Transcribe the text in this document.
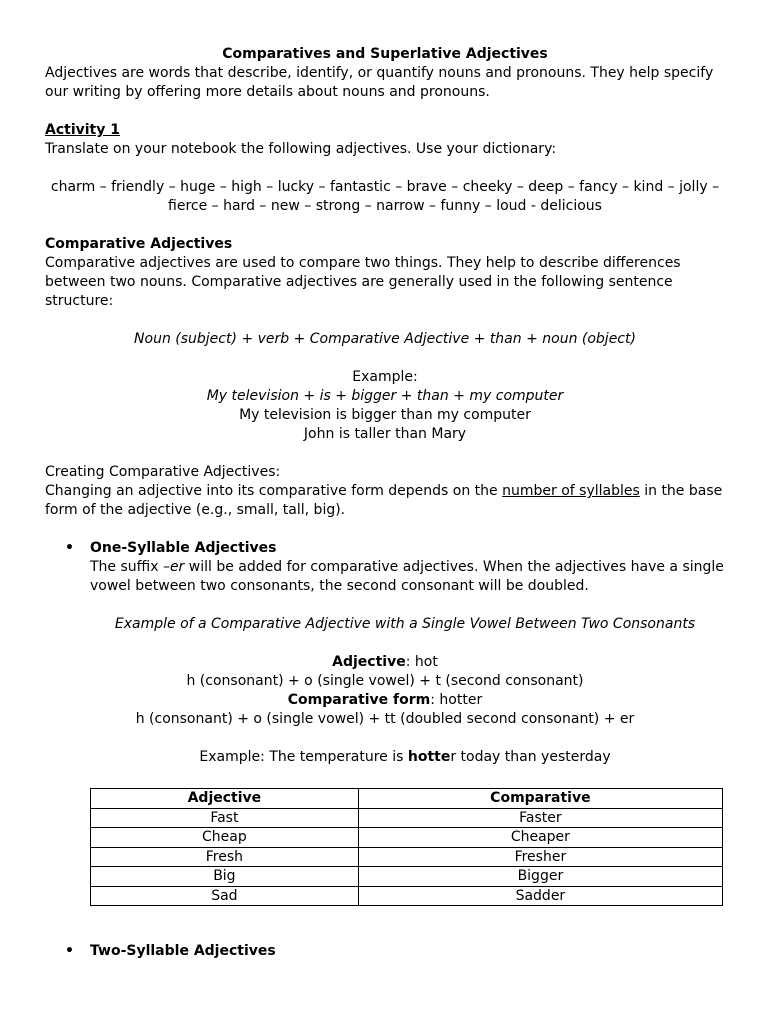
Comparatives and Superlative Adjectives

Adjectives are words that describe, identify, or quantify nouns and pronouns. They help specify our writing by offering more details about nouns and pronouns.

Activity 1

Translate on your notebook the following adjectives. Use your dictionary:

charm – friendly – huge – high – lucky – fantastic – brave – cheeky – deep – fancy – kind – jolly –

fierce – hard – new – strong – narrow – funny – loud - delicious

Comparative Adjectives

Comparative adjectives are used to compare two things. They help to describe differences between two nouns. Comparative adjectives are generally used in the following sentence structure:

Noun (subject) + verb + Comparative Adjective + than + noun (object)

Example:

My television + is + bigger + than + my computer

My television is bigger than my computer

John is taller than Mary

Creating Comparative Adjectives:

Changing an adjective into its comparative form depends on the number of syllables in the base form of the adjective (e.g., small, tall, big).

• One-Syllable Adjectives

The suffix –er will be added for comparative adjectives. When the adjectives have a single vowel between two consonants, the second consonant will be doubled.

Example of a Comparative Adjective with a Single Vowel Between Two Consonants

Adjective: hot

h (consonant) + o (single vowel) + t (second consonant)

Comparative form: hotter

h (consonant) + o (single vowel) + tt (doubled second consonant) + er

Example: The temperature is hotter today than yesterday

Adjective	Comparative
Fast	Faster
Cheap	Cheaper
Fresh	Fresher
Big	Bigger
Sad	Sadder
• Two-Syllable Adjectives
